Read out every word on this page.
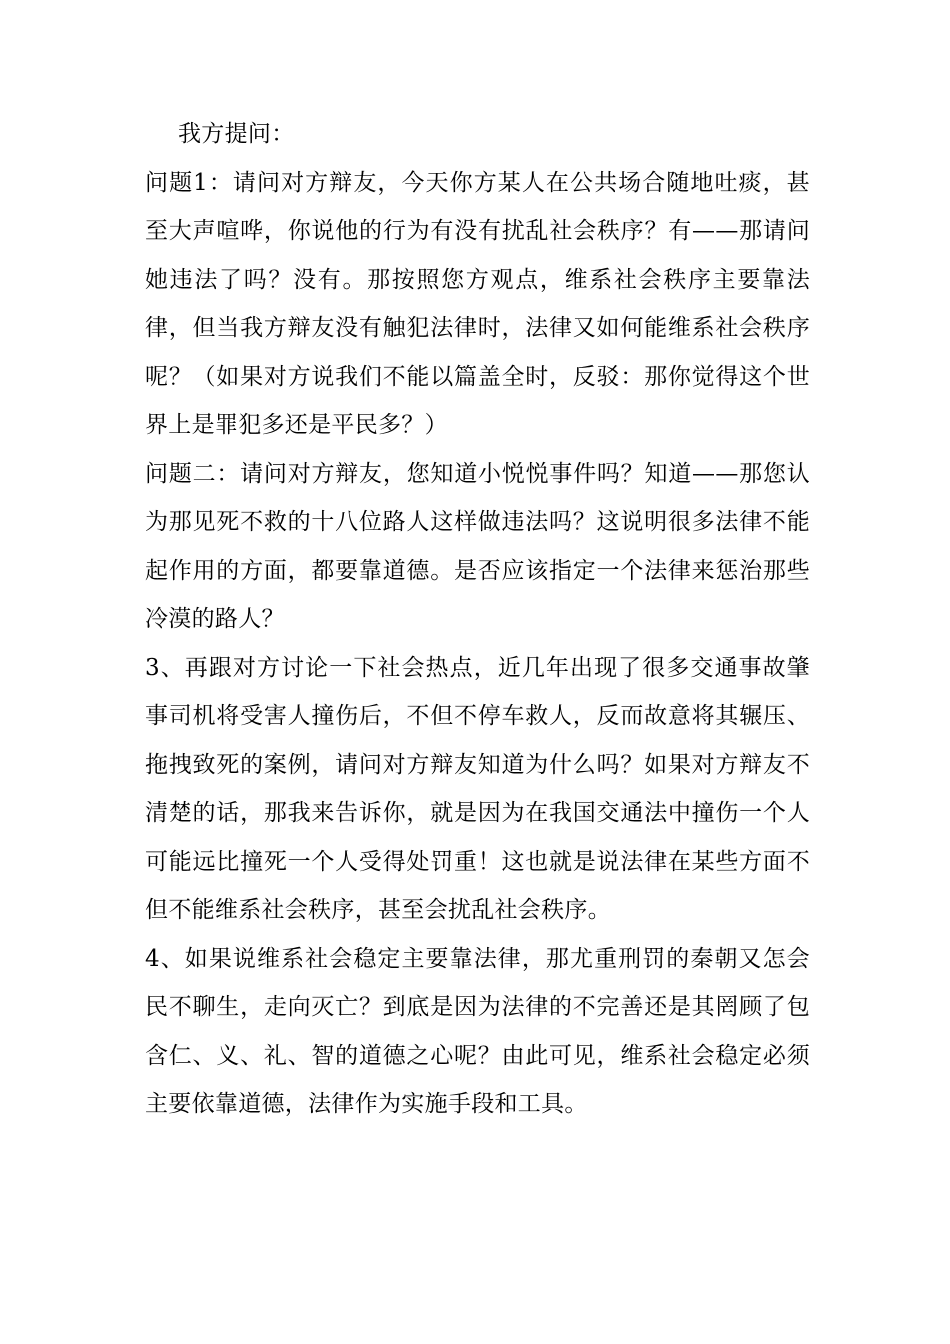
我方提问：

问题1：请问对方辩友，今天你方某人在公共场合随地吐痰，甚至大声喧哗，你说他的行为有没有扰乱社会秩序？有——那请问她违法了吗？没有。那按照您方观点，维系社会秩序主要靠法律，但当我方辩友没有触犯法律时，法律又如何能维系社会秩序呢？（如果对方说我们不能以篇盖全时，反驳：那你觉得这个世界上是罪犯多还是平民多？）

问题二：请问对方辩友，您知道小悦悦事件吗？知道——那您认为那见死不救的十八位路人这样做违法吗？这说明很多法律不能起作用的方面，都要靠道德。是否应该指定一个法律来惩治那些冷漠的路人？

3、再跟对方讨论一下社会热点，近几年出现了很多交通事故肇事司机将受害人撞伤后，不但不停车救人，反而故意将其辗压、拖拽致死的案例，请问对方辩友知道为什么吗？如果对方辩友不清楚的话，那我来告诉你，就是因为在我国交通法中撞伤一个人可能远比撞死一个人受得处罚重！这也就是说法律在某些方面不但不能维系社会秩序，甚至会扰乱社会秩序。

4、如果说维系社会稳定主要靠法律，那尤重刑罚的秦朝又怎会民不聊生，走向灭亡？到底是因为法律的不完善还是其罔顾了包含仁、义、礼、智的道德之心呢？由此可见，维系社会稳定必须主要依靠道德，法律作为实施手段和工具。
